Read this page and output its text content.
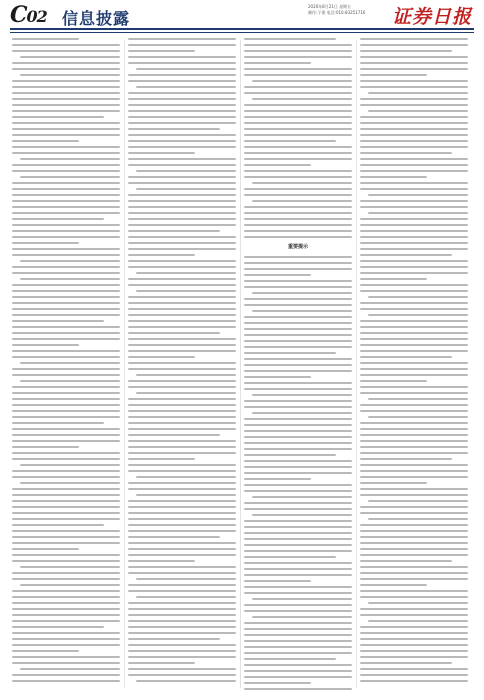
C02 信息披露
2020年8月21日 星期五
制作:于建 电话:010-83251716	证券日报
重要提示
